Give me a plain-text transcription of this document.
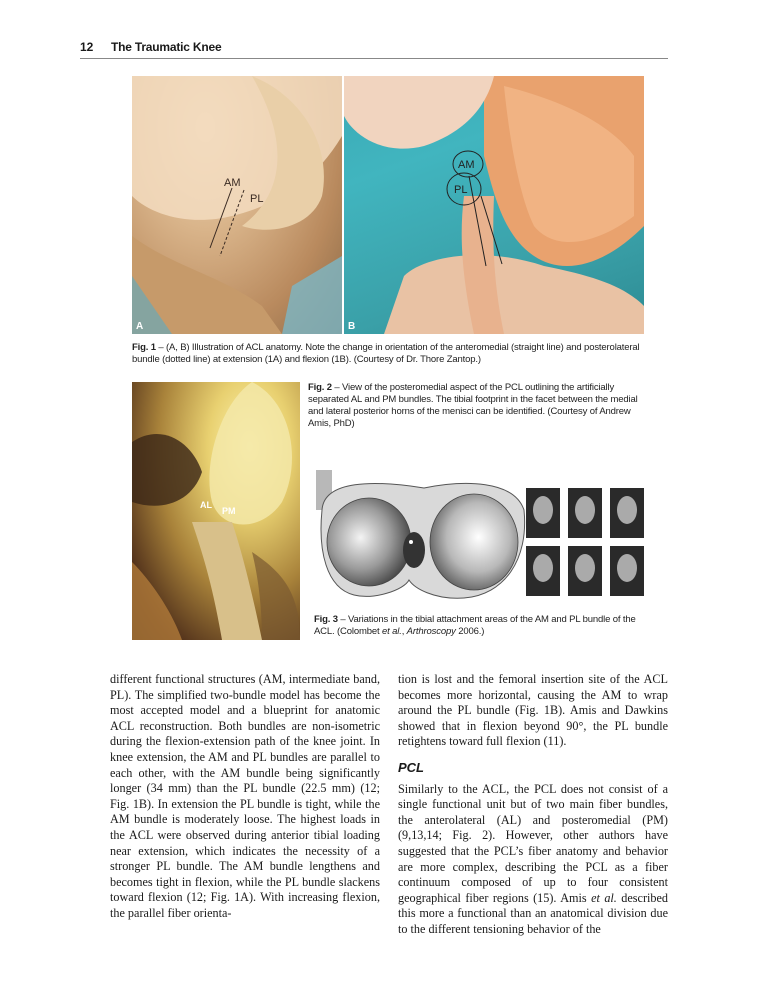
12 The Traumatic Knee
AM
PL
A
AM
PL
B
Fig. 1 – (A, B) Illustration of ACL anatomy. Note the change in orientation of the anteromedial (straight line) and posterolateral bundle (dotted line) at extension (1A) and flexion (1B). (Courtesy of Dr. Thore Zantop.)
AL
PM
Fig. 2 – View of the posteromedial aspect of the PCL outlining the artificially separated AL and PM bundles. The tibial footprint in the facet between the medial and lateral posterior horns of the menisci can be identified. (Courtesy of Andrew Amis, PhD)
Fig. 3 – Variations in the tibial attachment areas of the AM and PL bundle of the ACL. (Colombet et al., Arthroscopy 2006.)

different functional structures (AM, intermediate band, PL). The simplified two-bundle model has become the most accepted model and a blueprint for anatomic ACL reconstruction. Both bundles are non-isometric during the flexion-extension path of the knee joint. In knee extension, the AM and PL bundles are parallel to each other, with the AM bundle being significantly longer (34 mm) than the PL bundle (22.5 mm) (12; Fig. 1B). In extension the PL bundle is tight, while the AM bundle is moderately loose. The highest loads in the ACL were observed during anterior tibial loading near extension, which indicates the necessity of a stronger PL bundle. The AM bundle lengthens and becomes tight in flexion, while the PL bundle slackens toward flexion (12; Fig. 1A). With increasing flexion, the parallel fiber orienta-

tion is lost and the femoral insertion site of the ACL becomes more horizontal, causing the AM to wrap around the PL bundle (Fig. 1B). Amis and Dawkins showed that in flexion beyond 90°, the PL bundle retightens toward full flexion (11).

PCL

Similarly to the ACL, the PCL does not consist of a single functional unit but of two main fiber bundles, the anterolateral (AL) and posteromedial (PM) (9,13,14; Fig. 2). However, other authors have suggested that the PCL’s fiber anatomy and behavior are more complex, describing the PCL as a fiber continuum composed of up to four consistent geographical fiber regions (15). Amis et al. described this more a functional than an anatomical division due to the different tensioning behavior of the
